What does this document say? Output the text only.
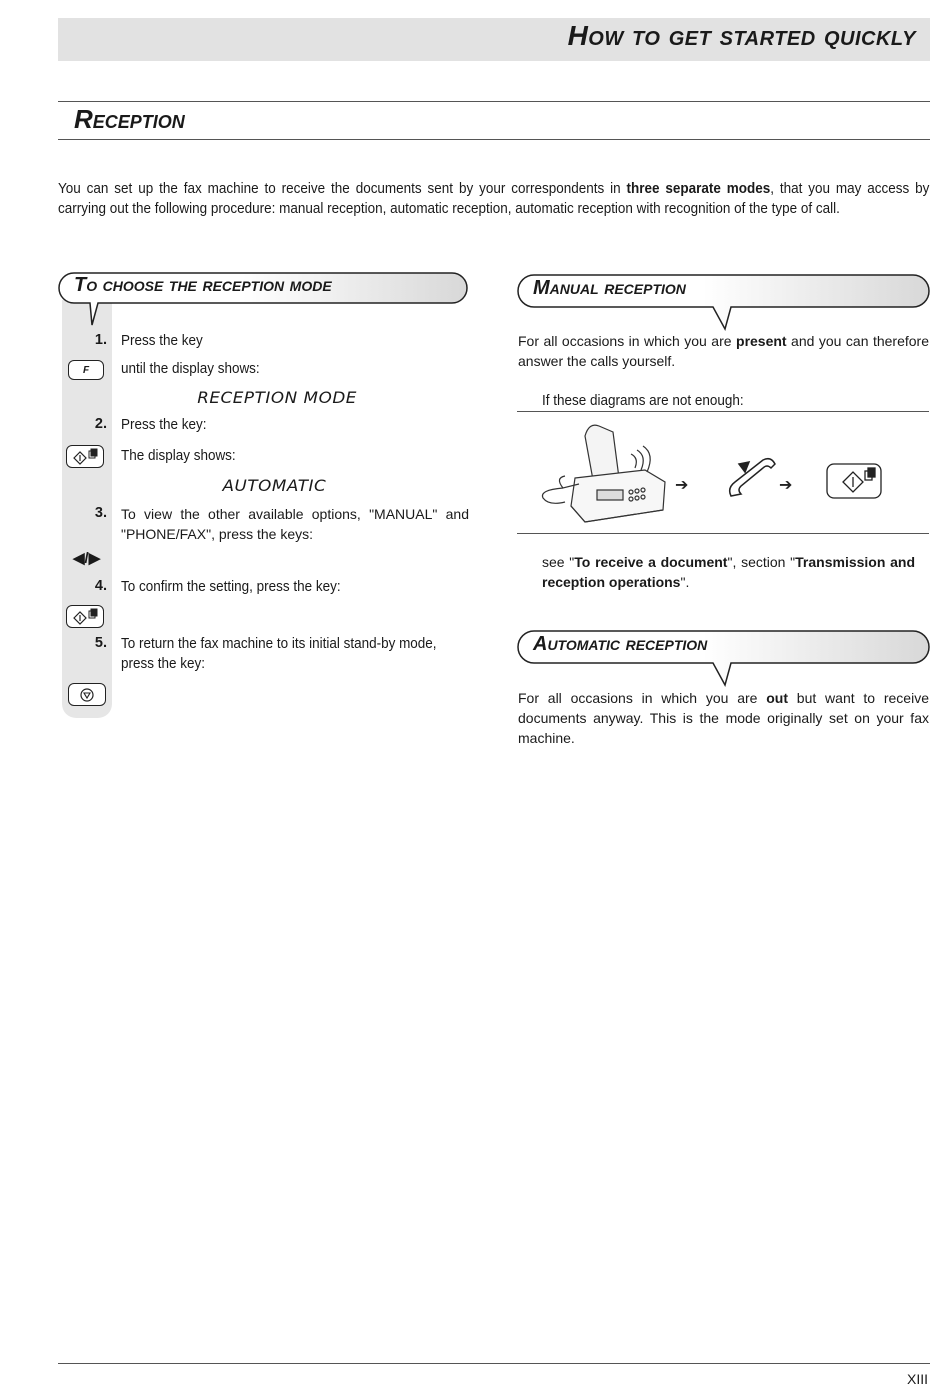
How to get started quickly
Reception
You can set up the fax machine to receive the documents sent by your correspondents in three separate modes, that you may access by carrying out the following procedure: manual reception, automatic reception, automatic reception with recognition of the type of call.
To choose the reception mode
1. Press the key
F until the display shows:
RECEPTION MODE
2. Press the key:
The display shows:
AUTOMATIC
3. To view the other available options, "MANUAL" and "PHONE/FAX", press the keys:
◀/▶
4. To confirm the setting, press the key:
5. To return the fax machine to its initial stand-by mode, press the key:
Manual reception
For all occasions in which you are present and you can therefore answer the calls yourself.
If these diagrams are not enough:
➔	➔
see "To receive a document", section "Transmission and reception operations".
Automatic reception
For all occasions in which you are out but want to receive documents anyway. This is the mode originally set on your fax machine.
XIII
